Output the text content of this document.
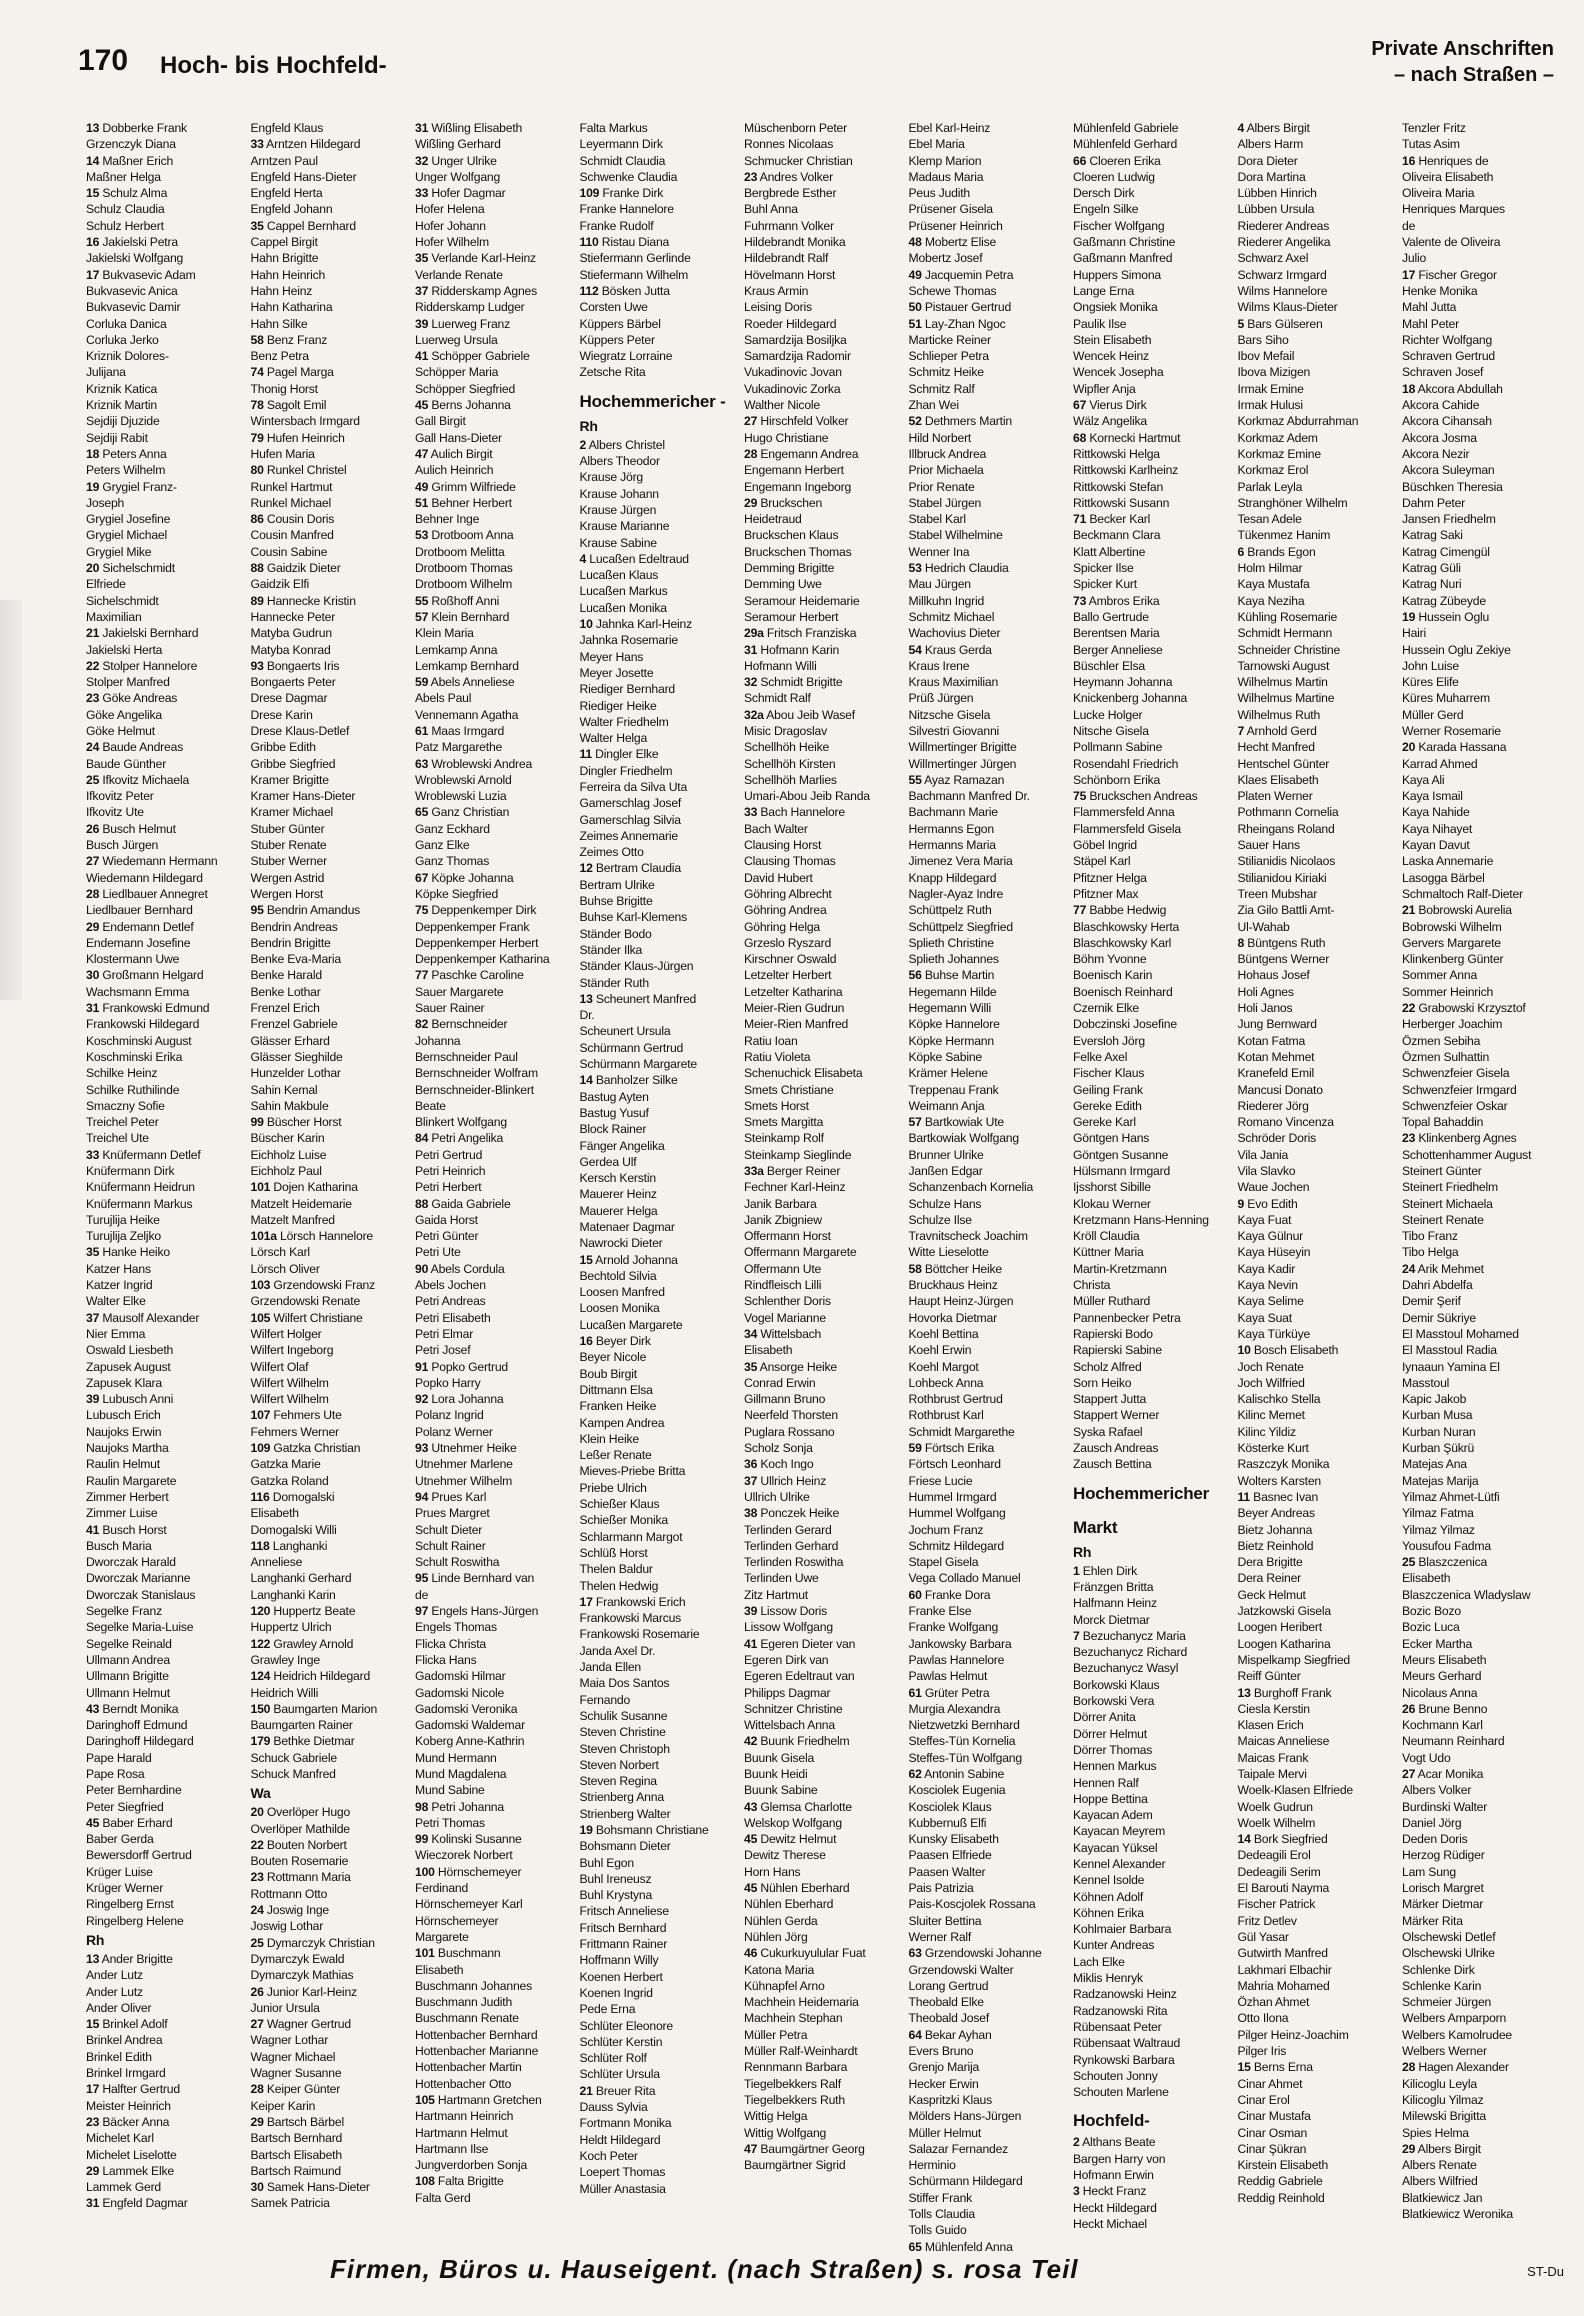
170 Hoch- bis Hochfeld-
Private Anschriften
– nach Straßen –
13 Dobberke Frank
Grzenczyk Diana
14 Maßner Erich
Maßner Helga
15 Schulz Alma
Schulz Claudia
Schulz Herbert
16 Jakielski Petra
Jakielski Wolfgang
17 Bukvasevic Adam
Bukvasevic Anica
Bukvasevic Damir
Corluka Danica
Corluka Jerko
Kriznik Dolores-
Julijana
Kriznik Katica
Kriznik Martin
Sejdiji Djuzide
Sejdiji Rabit
18 Peters Anna
Peters Wilhelm
19 Grygiel Franz-
Joseph
Grygiel Josefine
Grygiel Michael
Grygiel Mike
20 Sichelschmidt
Elfriede
Sichelschmidt
Maximilian
21 Jakielski Bernhard
Jakielski Herta
22 Stolper Hannelore
Stolper Manfred
23 Göke Andreas
Göke Angelika
Göke Helmut
24 Baude Andreas
Baude Günther
25 Ifkovitz Michaela
Ifkovitz Peter
Ifkovitz Ute
26 Busch Helmut
Busch Jürgen
27 Wiedemann Hermann
Wiedemann Hildegard
28 Liedlbauer Annegret
Liedlbauer Bernhard
29 Endemann Detlef
Endemann Josefine
Klostermann Uwe
30 Großmann Helgard
Wachsmann Emma
31 Frankowski Edmund
Frankowski Hildegard
Koschminski August
Koschminski Erika
Schilke Heinz
Schilke Ruthilinde
Smaczny Sofie
Treichel Peter
Treichel Ute
33 Knüfermann Detlef
Knüfermann Dirk
Knüfermann Heidrun
Knüfermann Markus
Turujlija Heike
Turujlija Zeljko
35 Hanke Heiko
Katzer Hans
Katzer Ingrid
Walter Elke
37 Mausolf Alexander
Nier Emma
Oswald Liesbeth
Zapusek August
Zapusek Klara
39 Lubusch Anni
Lubusch Erich
Naujoks Erwin
Naujoks Martha
Raulin Helmut
Raulin Margarete
Zimmer Herbert
Zimmer Luise
41 Busch Horst
Busch Maria
Dworczak Harald
Dworczak Marianne
Dworczak Stanislaus
Segelke Franz
Segelke Maria-Luise
Segelke Reinald
Ullmann Andrea
Ullmann Brigitte
Ullmann Helmut
43 Berndt Monika
Daringhoff Edmund
Daringhoff Hildegard
Pape Harald
Pape Rosa
Peter Bernhardine
Peter Siegfried
45 Baber Erhard
Baber Gerda
Bewersdorff Gertrud
Krüger Luise
Krüger Werner
Ringelberg Ernst
Ringelberg Helene
Rh
13 Ander Brigitte
Ander Lutz
Ander Lutz
Ander Oliver
15 Brinkel Adolf
Brinkel Andrea
Brinkel Edith
Brinkel Irmgard
17 Halfter Gertrud
Meister Heinrich
23 Bäcker Anna
Michelet Karl
Michelet Liselotte
29 Lammek Elke
Lammek Gerd
31 Engfeld Dagmar
Engfeld Klaus
33 Arntzen Hildegard
Arntzen Paul
Engfeld Hans-Dieter
Engfeld Herta
Engfeld Johann
35 Cappel Bernhard
Cappel Birgit
Hahn Brigitte
Hahn Heinrich
Hahn Heinz
Hahn Katharina
Hahn Silke
58 Benz Franz
Benz Petra
74 Pagel Marga
Thonig Horst
78 Sagolt Emil
Wintersbach Irmgard
79 Hufen Heinrich
Hufen Maria
80 Runkel Christel
Runkel Hartmut
Runkel Michael
86 Cousin Doris
Cousin Manfred
Cousin Sabine
88 Gaidzik Dieter
Gaidzik Elfi
89 Hannecke Kristin
Hannecke Peter
Matyba Gudrun
Matyba Konrad
93 Bongaerts Iris
Bongaerts Peter
Drese Dagmar
Drese Karin
Drese Klaus-Detlef
Gribbe Edith
Gribbe Siegfried
Kramer Brigitte
Kramer Hans-Dieter
Kramer Michael
Stuber Günter
Stuber Renate
Stuber Werner
Wergen Astrid
Wergen Horst
95 Bendrin Amandus
Bendrin Andreas
Bendrin Brigitte
Benke Eva-Maria
Benke Harald
Benke Lothar
Frenzel Erich
Frenzel Gabriele
Glässer Erhard
Glässer Sieghilde
Hunzelder Lothar
Sahin Kemal
Sahin Makbule
99 Büscher Horst
Büscher Karin
Eichholz Luise
Eichholz Paul
101 Dojen Katharina
Matzelt Heidemarie
Matzelt Manfred
101a Lörsch Hannelore
Lörsch Karl
Lörsch Oliver
103 Grzendowski Franz
Grzendowski Renate
105 Wilfert Christiane
Wilfert Holger
Wilfert Ingeborg
Wilfert Olaf
Wilfert Wilhelm
Wilfert Wilhelm
107 Fehmers Ute
Fehmers Werner
109 Gatzka Christian
Gatzka Marie
Gatzka Roland
116 Domogalski
Elisabeth
Domogalski Willi
118 Langhanki
Anneliese
Langhanki Gerhard
Langhanki Karin
120 Huppertz Beate
Huppertz Ulrich
122 Grawley Arnold
Grawley Inge
124 Heidrich Hildegard
Heidrich Willi
150 Baumgarten Marion
Baumgarten Rainer
179 Bethke Dietmar
Schuck Gabriele
Schuck Manfred
Wa
20 Overlöper Hugo
Overlöper Mathilde
22 Bouten Norbert
Bouten Rosemarie
23 Rottmann Maria
Rottmann Otto
24 Joswig Inge
Joswig Lothar
25 Dymarczyk Christian
Dymarczyk Ewald
Dymarczyk Mathias
26 Junior Karl-Heinz
Junior Ursula
27 Wagner Gertrud
Wagner Lothar
Wagner Michael
Wagner Susanne
28 Keiper Günter
Keiper Karin
29 Bartsch Bärbel
Bartsch Bernhard
Bartsch Elisabeth
Bartsch Raimund
30 Samek Hans-Dieter
Samek Patricia
31 Wißling Elisabeth
Wißling Gerhard
32 Unger Ulrike
Unger Wolfgang
33 Hofer Dagmar
Hofer Helena
Hofer Johann
Hofer Wilhelm
35 Verlande Karl-Heinz
Verlande Renate
37 Ridderskamp Agnes
Ridderskamp Ludger
39 Luerweg Franz
Luerweg Ursula
41 Schöpper Gabriele
Schöpper Maria
Schöpper Siegfried
45 Berns Johanna
Gall Birgit
Gall Hans-Dieter
47 Aulich Birgit
Aulich Heinrich
49 Grimm Wilfriede
51 Behner Herbert
Behner Inge
53 Drotboom Anna
Drotboom Melitta
Drotboom Thomas
Drotboom Wilhelm
55 Roßhoff Anni
57 Klein Bernhard
Klein Maria
Lemkamp Anna
Lemkamp Bernhard
59 Abels Anneliese
Abels Paul
Vennemann Agatha
61 Maas Irmgard
Patz Margarethe
63 Wroblewski Andrea
Wroblewski Arnold
Wroblewski Luzia
65 Ganz Christian
Ganz Eckhard
Ganz Elke
Ganz Thomas
67 Köpke Johanna
Köpke Siegfried
75 Deppenkemper Dirk
Deppenkemper Frank
Deppenkemper Herbert
Deppenkemper Katharina
77 Paschke Caroline
Sauer Margarete
Sauer Rainer
82 Bernschneider
Johanna
Bernschneider Paul
Bernschneider Wolfram
Bernschneider-Blinkert
Beate
Blinkert Wolfgang
84 Petri Angelika
Petri Gertrud
Petri Heinrich
Petri Herbert
88 Gaida Gabriele
Gaida Horst
Petri Günter
Petri Ute
90 Abels Cordula
Abels Jochen
Petri Andreas
Petri Elisabeth
Petri Elmar
Petri Josef
91 Popko Gertrud
Popko Harry
92 Lora Johanna
Polanz Ingrid
Polanz Werner
93 Utnehmer Heike
Utnehmer Marlene
Utnehmer Wilhelm
94 Prues Karl
Prues Margret
Schult Dieter
Schult Rainer
Schult Roswitha
95 Linde Bernhard van
de
97 Engels Hans-Jürgen
Engels Thomas
Flicka Christa
Flicka Hans
Gadomski Hilmar
Gadomski Nicole
Gadomski Veronika
Gadomski Waldemar
Koberg Anne-Kathrin
Mund Hermann
Mund Magdalena
Mund Sabine
98 Petri Johanna
Petri Thomas
99 Kolinski Susanne
Wieczorek Norbert
100 Hörnschemeyer
Ferdinand
Hörnschemeyer Karl
Hörnschemeyer
Margarete
101 Buschmann
Elisabeth
Buschmann Johannes
Buschmann Judith
Buschmann Renate
Hottenbacher Bernhard
Hottenbacher Marianne
Hottenbacher Martin
Hottenbacher Otto
105 Hartmann Gretchen
Hartmann Heinrich
Hartmann Helmut
Hartmann Ilse
Jungverdorben Sonja
108 Falta Brigitte
Falta Gerd
Falta Markus
Leyermann Dirk
Schmidt Claudia
Schwenke Claudia
109 Franke Dirk
Franke Hannelore
Franke Rudolf
110 Ristau Diana
Stiefermann Gerlinde
Stiefermann Wilhelm
112 Bösken Jutta
Corsten Uwe
Küppers Bärbel
Küppers Peter
Wiegratz Lorraine
Zetsche Rita
Hochemmericher -
Rh
2 Albers Christel
Albers Theodor
Krause Jörg
Krause Johann
Krause Jürgen
Krause Marianne
Krause Sabine
4 Lucaßen Edeltraud
Lucaßen Klaus
Lucaßen Markus
Lucaßen Monika
10 Jahnka Karl-Heinz
Jahnka Rosemarie
Meyer Hans
Meyer Josette
Riediger Bernhard
Riediger Heike
Walter Friedhelm
Walter Helga
11 Dingler Elke
Dingler Friedhelm
Ferreira da Silva Uta
Gamerschlag Josef
Gamerschlag Silvia
Zeimes Annemarie
Zeimes Otto
12 Bertram Claudia
Bertram Ulrike
Buhse Brigitte
Buhse Karl-Klemens
Ständer Bodo
Ständer Ilka
Ständer Klaus-Jürgen
Ständer Ruth
13 Scheunert Manfred
Dr.
Scheunert Ursula
Schürmann Gertrud
Schürmann Margarete
14 Banholzer Silke
Bastug Ayten
Bastug Yusuf
Block Rainer
Fänger Angelika
Gerdea Ulf
Kersch Kerstin
Mauerer Heinz
Mauerer Helga
Matenaer Dagmar
Nawrocki Dieter
15 Arnold Johanna
Bechtold Silvia
Loosen Manfred
Loosen Monika
Lucaßen Margarete
16 Beyer Dirk
Beyer Nicole
Boub Birgit
Dittmann Elsa
Franken Heike
Kampen Andrea
Klein Heike
Leßer Renate
Mieves-Priebe Britta
Priebe Ulrich
Schießer Klaus
Schießer Monika
Schlarmann Margot
Schlüß Horst
Thelen Baldur
Thelen Hedwig
17 Frankowski Erich
Frankowski Marcus
Frankowski Rosemarie
Janda Axel Dr.
Janda Ellen
Maia Dos Santos
Fernando
Schulik Susanne
Steven Christine
Steven Christoph
Steven Norbert
Steven Regina
Strienberg Anna
Strienberg Walter
19 Bohsmann Christiane
Bohsmann Dieter
Buhl Egon
Buhl Ireneusz
Buhl Krystyna
Fritsch Anneliese
Fritsch Bernhard
Frittmann Rainer
Hoffmann Willy
Koenen Herbert
Koenen Ingrid
Pede Erna
Schlüter Eleonore
Schlüter Kerstin
Schlüter Rolf
Schlüter Ursula
21 Breuer Rita
Dauss Sylvia
Fortmann Monika
Heldt Hildegard
Koch Peter
Loepert Thomas
Müller Anastasia
Müschenborn Peter
Ronnes Nicolaas
Schmucker Christian
23 Andres Volker
Bergbrede Esther
Buhl Anna
Fuhrmann Volker
Hildebrandt Monika
Hildebrandt Ralf
Hövelmann Horst
Kraus Armin
Leising Doris
Roeder Hildegard
Samardzija Bosiljka
Samardzija Radomir
Vukadinovic Jovan
Vukadinovic Zorka
Walther Nicole
27 Hirschfeld Volker
Hugo Christiane
28 Engemann Andrea
Engemann Herbert
Engemann Ingeborg
29 Bruckschen
Heidetraud
Bruckschen Klaus
Bruckschen Thomas
Demming Brigitte
Demming Uwe
Seramour Heidemarie
Seramour Herbert
29a Fritsch Franziska
31 Hofmann Karin
Hofmann Willi
32 Schmidt Brigitte
Schmidt Ralf
32a Abou Jeib Wasef
Misic Dragoslav
Schellhöh Heike
Schellhöh Kirsten
Schellhöh Marlies
Umari-Abou Jeib Randa
33 Bach Hannelore
Bach Walter
Clausing Horst
Clausing Thomas
David Hubert
Göhring Albrecht
Göhring Andrea
Göhring Helga
Grzeslo Ryszard
Kirschner Oswald
Letzelter Herbert
Letzelter Katharina
Meier-Rien Gudrun
Meier-Rien Manfred
Ratiu Ioan
Ratiu Violeta
Schenuchick Elisabeta
Smets Christiane
Smets Horst
Smets Margitta
Steinkamp Rolf
Steinkamp Sieglinde
33a Berger Reiner
Fechner Karl-Heinz
Janik Barbara
Janik Zbigniew
Offermann Horst
Offermann Margarete
Offermann Ute
Rindfleisch Lilli
Schlenther Doris
Vogel Marianne
34 Wittelsbach
Elisabeth
35 Ansorge Heike
Conrad Erwin
Gillmann Bruno
Neerfeld Thorsten
Puglara Rossano
Scholz Sonja
36 Koch Ingo
37 Ullrich Heinz
Ullrich Ulrike
38 Ponczek Heike
Terlinden Gerard
Terlinden Gerhard
Terlinden Roswitha
Terlinden Uwe
Zitz Hartmut
39 Lissow Doris
Lissow Wolfgang
41 Egeren Dieter van
Egeren Dirk van
Egeren Edeltraut van
Philipps Dagmar
Schnitzer Christine
Wittelsbach Anna
42 Buunk Friedhelm
Buunk Gisela
Buunk Heidi
Buunk Sabine
43 Glemsa Charlotte
Welskop Wolfgang
45 Dewitz Helmut
Dewitz Therese
Horn Hans
45 Nühlen Eberhard
Nühlen Eberhard
Nühlen Gerda
Nühlen Jörg
46 Cukurkuyulular Fuat
Katona Maria
Kühnapfel Arno
Machhein Heidemaria
Machhein Stephan
Müller Petra
Müller Ralf-Weinhardt
Rennmann Barbara
Tiegelbekkers Ralf
Tiegelbekkers Ruth
Wittig Helga
Wittig Wolfgang
47 Baumgärtner Georg
Baumgärtner Sigrid
Ebel Karl-Heinz
Ebel Maria
Klemp Marion
Madaus Maria
Peus Judith
Prüsener Gisela
Prüsener Heinrich
48 Mobertz Elise
Mobertz Josef
49 Jacquemin Petra
Schewe Thomas
50 Pistauer Gertrud
51 Lay-Zhan Ngoc
Marticke Reiner
Schlieper Petra
Schmitz Heike
Schmitz Ralf
Zhan Wei
52 Dethmers Martin
Hild Norbert
Illbruck Andrea
Prior Michaela
Prior Renate
Stabel Jürgen
Stabel Karl
Stabel Wilhelmine
Wenner Ina
53 Hedrich Claudia
Mau Jürgen
Millkuhn Ingrid
Schmitz Michael
Wachovius Dieter
54 Kraus Gerda
Kraus Irene
Kraus Maximilian
Prüß Jürgen
Nitzsche Gisela
Silvestri Giovanni
Willmertinger Brigitte
Willmertinger Jürgen
55 Ayaz Ramazan
Bachmann Manfred Dr.
Bachmann Marie
Hermanns Egon
Hermanns Maria
Jimenez Vera Maria
Knapp Hildegard
Nagler-Ayaz Indre
Schüttpelz Ruth
Schüttpelz Siegfried
Splieth Christine
Splieth Johannes
56 Buhse Martin
Hegemann Hilde
Hegemann Willi
Köpke Hannelore
Köpke Hermann
Köpke Sabine
Krämer Helene
Treppenau Frank
Weimann Anja
57 Bartkowiak Ute
Bartkowiak Wolfgang
Brunner Ulrike
Janßen Edgar
Schanzenbach Kornelia
Schulze Hans
Schulze Ilse
Travnitscheck Joachim
Witte Lieselotte
58 Böttcher Heike
Bruckhaus Heinz
Haupt Heinz-Jürgen
Hovorka Dietmar
Koehl Bettina
Koehl Erwin
Koehl Margot
Lohbeck Anna
Rothbrust Gertrud
Rothbrust Karl
Schmidt Margarethe
59 Förtsch Erika
Förtsch Leonhard
Friese Lucie
Hummel Irmgard
Hummel Wolfgang
Jochum Franz
Schmitz Hildegard
Stapel Gisela
Vega Collado Manuel
60 Franke Dora
Franke Else
Franke Wolfgang
Jankowsky Barbara
Pawlas Hannelore
Pawlas Helmut
61 Grüter Petra
Murgia Alexandra
Nietzwetzki Bernhard
Steffes-Tün Kornelia
Steffes-Tün Wolfgang
62 Antonin Sabine
Kosciolek Eugenia
Kosciolek Klaus
Kubbernuß Elfi
Kunsky Elisabeth
Paasen Elfriede
Paasen Walter
Pais Patrizia
Pais-Koscjolek Rossana
Sluiter Bettina
Werner Ralf
63 Grzendowski Johanne
Grzendowski Walter
Lorang Gertrud
Theobald Elke
Theobald Josef
64 Bekar Ayhan
Evers Bruno
Grenjo Marija
Hecker Erwin
Kaspritzki Klaus
Mölders Hans-Jürgen
Müller Helmut
Salazar Fernandez
Herminio
Schürmann Hildegard
Stiffer Frank
Tolls Claudia
Tolls Guido
65 Mühlenfeld Anna
Mühlenfeld Gabriele
Mühlenfeld Gerhard
66 Cloeren Erika
Cloeren Ludwig
Dersch Dirk
Engeln Silke
Fischer Wolfgang
Gaßmann Christine
Gaßmann Manfred
Huppers Simona
Lange Erna
Ongsiek Monika
Paulik Ilse
Stein Elisabeth
Wencek Heinz
Wencek Josepha
Wipfler Anja
67 Vierus Dirk
Wälz Angelika
68 Kornecki Hartmut
Rittkowski Helga
Rittkowski Karlheinz
Rittkowski Stefan
Rittkowski Susann
71 Becker Karl
Beckmann Clara
Klatt Albertine
Spicker Ilse
Spicker Kurt
73 Ambros Erika
Ballo Gertrude
Berentsen Maria
Berger Anneliese
Büschler Elsa
Heymann Johanna
Knickenberg Johanna
Lucke Holger
Nitsche Gisela
Pollmann Sabine
Rosendahl Friedrich
Schönborn Erika
75 Bruckschen Andreas
Flammersfeld Anna
Flammersfeld Gisela
Göbel Ingrid
Stäpel Karl
Pfitzner Helga
Pfitzner Max
77 Babbe Hedwig
Blaschkowsky Herta
Blaschkowsky Karl
Böhm Yvonne
Boenisch Karin
Boenisch Reinhard
Czernik Elke
Dobczinski Josefine
Eversloh Jörg
Felke Axel
Fischer Klaus
Geiling Frank
Gereke Edith
Gereke Karl
Göntgen Hans
Göntgen Susanne
Hülsmann Irmgard
Ijsshorst Sibille
Klokau Werner
Kretzmann Hans-Henning
Kröll Claudia
Küttner Maria
Martin-Kretzmann
Christa
Müller Ruthard
Pannenbecker Petra
Rapierski Bodo
Rapierski Sabine
Scholz Alfred
Sorn Heiko
Stappert Jutta
Stappert Werner
Syska Rafael
Zausch Andreas
Zausch Bettina
Hochemmericher
Markt
Rh
1 Ehlen Dirk
Fränzgen Britta
Halfmann Heinz
Morck Dietmar
7 Bezuchanycz Maria
Bezuchanycz Richard
Bezuchanycz Wasyl
Borkowski Klaus
Borkowski Vera
Dörrer Anita
Dörrer Helmut
Dörrer Thomas
Hennen Markus
Hennen Ralf
Hoppe Bettina
Kayacan Adem
Kayacan Meyrem
Kayacan Yüksel
Kennel Alexander
Kennel Isolde
Köhnen Adolf
Köhnen Erika
Kohlmaier Barbara
Kunter Andreas
Lach Elke
Miklis Henryk
Radzanowski Heinz
Radzanowski Rita
Rübensaat Peter
Rübensaat Waltraud
Rynkowski Barbara
Schouten Jonny
Schouten Marlene
Hochfeld-
2 Althans Beate
Bargen Harry von
Hofmann Erwin
3 Heckt Franz
Heckt Hildegard
Heckt Michael
4 Albers Birgit
Albers Harm
Dora Dieter
Dora Martina
Lübben Hinrich
Lübben Ursula
Riederer Andreas
Riederer Angelika
Schwarz Axel
Schwarz Irmgard
Wilms Hannelore
Wilms Klaus-Dieter
5 Bars Gülseren
Bars Siho
Ibov Mefail
Ibova Mizigen
Irmak Emine
Irmak Hulusi
Korkmaz Abdurrahman
Korkmaz Adem
Korkmaz Emine
Korkmaz Erol
Parlak Leyla
Stranghöner Wilhelm
Tesan Adele
Tükenmez Hanim
6 Brands Egon
Holm Hilmar
Kaya Mustafa
Kaya Neziha
Kühling Rosemarie
Schmidt Hermann
Schneider Christine
Tarnowski August
Wilhelmus Martin
Wilhelmus Martine
Wilhelmus Ruth
7 Arnhold Gerd
Hecht Manfred
Hentschel Günter
Klaes Elisabeth
Platen Werner
Pothmann Cornelia
Rheingans Roland
Sauer Hans
Stilianidis Nicolaos
Stilianidou Kiriaki
Treen Mubshar
Zia Gilo Battli Amt-
Ul-Wahab
8 Büntgens Ruth
Büntgens Werner
Hohaus Josef
Holi Agnes
Holi Janos
Jung Bernward
Kotan Fatma
Kotan Mehmet
Kranefeld Emil
Mancusi Donato
Riederer Jörg
Romano Vincenza
Schröder Doris
Vila Jania
Vila Slavko
Waue Jochen
9 Evo Edith
Kaya Fuat
Kaya Gülnur
Kaya Hüseyin
Kaya Kadir
Kaya Nevin
Kaya Selime
Kaya Suat
Kaya Türküye
10 Bosch Elisabeth
Joch Renate
Joch Wilfried
Kalischko Stella
Kilinc Memet
Kilinc Yildiz
Kösterke Kurt
Raszczyk Monika
Wolters Karsten
11 Basnec Ivan
Beyer Andreas
Bietz Johanna
Bietz Reinhold
Dera Brigitte
Dera Reiner
Geck Helmut
Jatzkowski Gisela
Loogen Heribert
Loogen Katharina
Mispelkamp Siegfried
Reiff Günter
13 Burghoff Frank
Ciesla Kerstin
Klasen Erich
Maicas Anneliese
Maicas Frank
Taipale Mervi
Woelk-Klasen Elfriede
Woelk Gudrun
Woelk Wilhelm
14 Bork Siegfried
Dedeagili Erol
Dedeagili Serim
El Barouti Nayma
Fischer Patrick
Fritz Detlev
Gül Yasar
Gutwirth Manfred
Lakhmari Elbachir
Mahria Mohamed
Özhan Ahmet
Otto Ilona
Pilger Heinz-Joachim
Pilger Iris
15 Berns Erna
Cinar Ahmet
Cinar Erol
Cinar Mustafa
Cinar Osman
Cinar Şükran
Kirstein Elisabeth
Reddig Gabriele
Reddig Reinhold
Tenzler Fritz
Tutas Asim
16 Henriques de
Oliveira Elisabeth
Oliveira Maria
Henriques Marques
de
Valente de Oliveira
Julio
17 Fischer Gregor
Henke Monika
Mahl Jutta
Mahl Peter
Richter Wolfgang
Schraven Gertrud
Schraven Josef
18 Akcora Abdullah
Akcora Cahide
Akcora Cihansah
Akcora Josma
Akcora Nezir
Akcora Suleyman
Büschken Theresia
Dahm Peter
Jansen Friedhelm
Katrag Saki
Katrag Cimengül
Katrag Güli
Katrag Nuri
Katrag Zübeyde
19 Hussein Oglu
Hairi
Hussein Oglu Zekiye
John Luise
Küres Elife
Küres Muharrem
Müller Gerd
Werner Rosemarie
20 Karada Hassana
Karrad Ahmed
Kaya Ali
Kaya Ismail
Kaya Nahide
Kaya Nihayet
Kayan Davut
Laska Annemarie
Lasogga Bärbel
Schmaltoch Ralf-Dieter
21 Bobrowski Aurelia
Bobrowski Wilhelm
Gervers Margarete
Klinkenberg Günter
Sommer Anna
Sommer Heinrich
22 Grabowski Krzysztof
Herberger Joachim
Özmen Sebiha
Özmen Sulhattin
Schwenzfeier Gisela
Schwenzfeier Irmgard
Schwenzfeier Oskar
Topal Bahaddin
23 Klinkenberg Agnes
Schottenhammer August
Steinert Günter
Steinert Friedhelm
Steinert Michaela
Steinert Renate
Tibo Franz
Tibo Helga
24 Arik Mehmet
Dahri Abdelfa
Demir Şerif
Demir Sükriye
El Masstoul Mohamed
El Masstoul Radia
Iynaaun Yamina El
Masstoul
Kapic Jakob
Kurban Musa
Kurban Nuran
Kurban Şükrü
Matejas Ana
Matejas Marija
Yilmaz Ahmet-Lütfi
Yilmaz Fatma
Yilmaz Yilmaz
Yousufou Fadma
25 Blaszczenica
Elisabeth
Blaszczenica Wladyslaw
Bozic Bozo
Bozic Luca
Ecker Martha
Meurs Elisabeth
Meurs Gerhard
Nicolaus Anna
26 Brune Benno
Kochmann Karl
Neumann Reinhard
Vogt Udo
27 Acar Monika
Albers Volker
Burdinski Walter
Daniel Jörg
Deden Doris
Herzog Rüdiger
Lam Sung
Lorisch Margret
Märker Dietmar
Märker Rita
Olschewski Detlef
Olschewski Ulrike
Schlenke Dirk
Schlenke Karin
Schmeier Jürgen
Welbers Amparporn
Welbers Kamolrudee
Welbers Werner
28 Hagen Alexander
Kilicoglu Leyla
Kilicoglu Yilmaz
Milewski Brigitta
Spies Helma
29 Albers Birgit
Albers Renate
Albers Wilfried
Blatkiewicz Jan
Blatkiewicz Weronika
Firmen, Büros u. Hauseigent. (nach Straßen) s. rosa Teil	ST-Du
